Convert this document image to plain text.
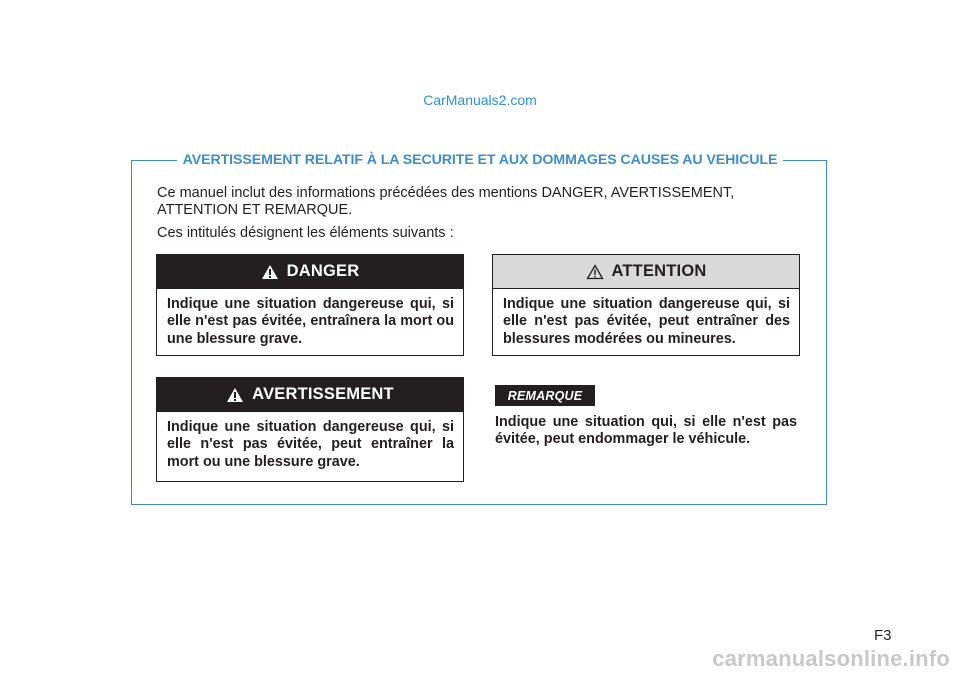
CarManuals2.com
AVERTISSEMENT RELATIF À LA SECURITE ET AUX DOMMAGES CAUSES AU VEHICULE

Ce manuel inclut des informations précédées des mentions DANGER, AVERTISSEMENT, ATTENTION ET REMARQUE.

Ces intitulés désignent les éléments suivants :

DANGER
Indique une situation dangereuse qui, si elle n'est pas évitée, entraînera la mort ou une blessure grave.
ATTENTION
Indique une situation dangereuse qui, si elle n'est pas évitée, peut entraîner des blessures modérées ou mineures.
AVERTISSEMENT
Indique une situation dangereuse qui, si elle n'est pas évitée, peut entraîner la mort ou une blessure grave.
REMARQUE
Indique une situation qui, si elle n'est pas évitée, peut endommager le véhicule.
F3
carmanualsonline.info
